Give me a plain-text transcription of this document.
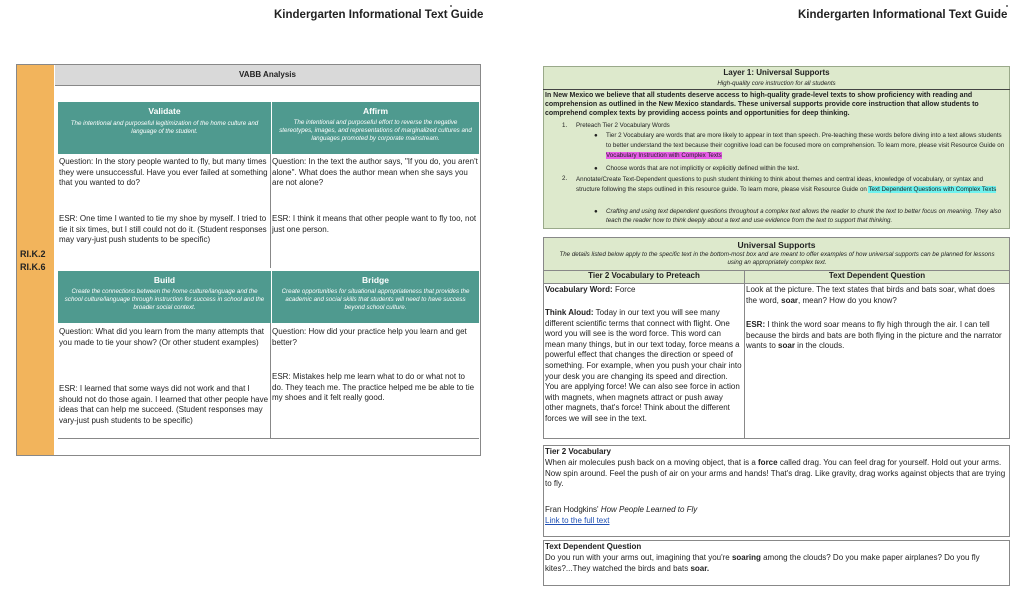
Kindergarten Informational Text Guide
RI.K.2
RI.K.6
VABB Analysis
Validate
The intentional and purposeful legitimization of the home culture and language of the student.
Affirm
The intentional and purposeful effort to reverse the negative stereotypes, images, and representations of marginalized cultures and languages promoted by corporate mainstream.
Question: In the story people wanted to fly, but many times they were unsuccessful. Have you ever failed at something that you wanted to do?
ESR: One time I wanted to tie my shoe by myself. I tried to tie it six times, but I still could not do it. (Student responses may vary-just push students to be specific)
Question: In the text the author says, "If you do, you aren't alone". What does the author mean when she says you are not alone?
ESR: I think it means that other people want to fly too, not just one person.
Build
Create the connections between the home culture/language and the school culture/language through instruction for success in school and the broader social context.
Bridge
Create opportunities for situational appropriateness that provides the academic and social skills that students will need to have success beyond school culture.
Question: What did you learn from the many attempts that you made to tie your show? (Or other student examples)
ESR: I learned that some ways did not work and that I should not do those again. I learned that other people have ideas that can help me succeed. (Student responses may vary-just push students to be specific)
Question: How did your practice help you learn and get better?
ESR: Mistakes help me learn what to do or what not to do. They teach me. The practice helped me be able to tie my shoes and it felt really good.
Kindergarten Informational Text Guide
Layer 1: Universal Supports
High-quality core instruction for all students
In New Mexico we believe that all students deserve access to high-quality grade-level texts to show proficiency with reading and comprehension as outlined in the New Mexico standards. These universal supports provide core instruction that allow students to comprehend complex texts by providing access points and opportunities for deep thinking.
1. Preteach Tier 2 Vocabulary Words
● Tier 2 Vocabulary are words that are more likely to appear in text than speech. Pre-teaching these words before diving into a text allows students to better understand the text because their cognitive load can be focused more on comprehension. To learn more, please visit Resource Guide on Vocabulary Instruction with Complex Texts
● Choose words that are not implicitly or explicitly defined within the text.
2. Annotate/Create Text-Dependent questions to push student thinking to think about themes and central ideas, knowledge of vocabulary, or syntax and structure following the steps outlined in this resource guide. To learn more, please visit Resource Guide on Text Dependent Questions with Complex Texts
● Crafting and using text dependent questions throughout a complex text allows the reader to chunk the text to better focus on meaning. They also teach the reader how to think deeply about a text and use evidence from the text to support that thinking.
Universal Supports
The details listed below apply to the specific text in the bottom-most box and are meant to offer examples of how universal supports can be planned for lessons using an appropriately complex text.
Tier 2 Vocabulary to Preteach	Text Dependent Question
Vocabulary Word: Force
Think Aloud: Today in our text you will see many different scientific terms that connect with flight. One word you will see is the word force. This word can mean many things, but in our text today, force means a powerful effect that changes the direction or speed of something. For example, when you push your chair into your desk you are changing its speed and direction. You are applying force! We can also see force in action with magnets, when magnets attract or push away other magnets, that's force! Think about the different forces we will see in the text.
Look at the picture. The text states that birds and bats soar, what does the word, soar, mean? How do you know?
ESR: I think the word soar means to fly high through the air. I can tell because the birds and bats are both flying in the picture and the narrator wants to soar in the clouds.
Tier 2 Vocabulary
When air molecules push back on a moving object, that is a force called drag. You can feel drag for yourself. Hold out your arms. Now spin around. Feel the push of air on your arms and hands! That's drag. Like gravity, drag works against objects that are trying to fly.
Fran Hodgkins' How People Learned to Fly
Link to the full text
Text Dependent Question
Do you run with your arms out, imagining that you're soaring among the clouds? Do you make paper airplanes? Do you fly kites?...They watched the birds and bats soar.
